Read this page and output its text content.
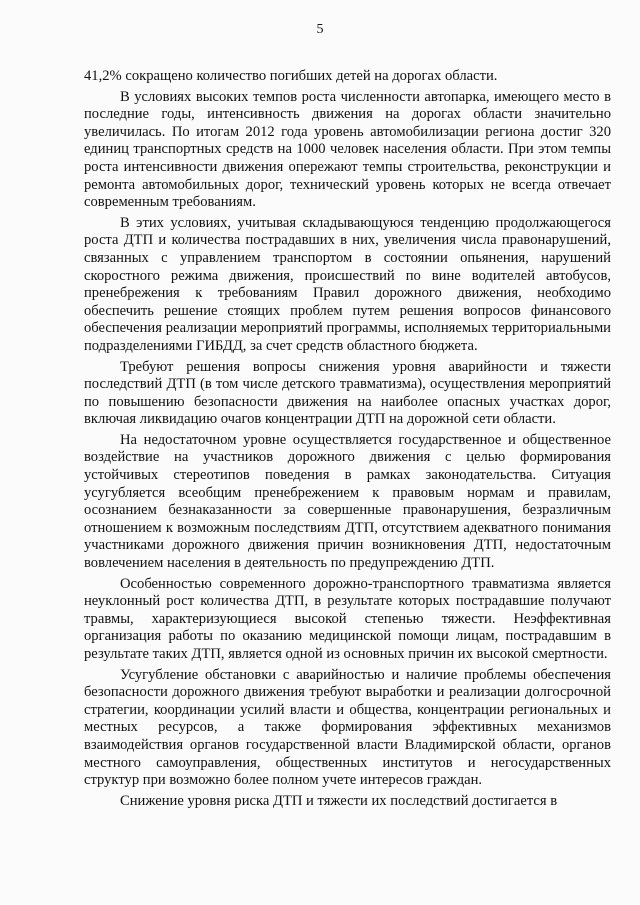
5

41,2% сокращено количество погибших детей на дорогах области.

В условиях высоких темпов роста численности автопарка, имеющего место в последние годы, интенсивность движения на дорогах области значительно увеличилась. По итогам 2012 года уровень автомобилизации региона достиг 320 единиц транспортных средств на 1000 человек населения области. При этом темпы роста интенсивности движения опережают темпы строительства, реконструкции и ремонта автомобильных дорог, технический уровень которых не всегда отвечает современным требованиям.

В этих условиях, учитывая складывающуюся тенденцию продолжающегося роста ДТП и количества пострадавших в них, увеличения числа правонарушений, связанных с управлением транспортом в состоянии опьянения, нарушений скоростного режима движения, происшествий по вине водителей автобусов, пренебрежения к требованиям Правил дорожного движения, необходимо обеспечить решение стоящих проблем путем решения вопросов финансового обеспечения реализации мероприятий программы, исполняемых территориальными подразделениями ГИБДД, за счет средств областного бюджета.

Требуют решения вопросы снижения уровня аварийности и тяжести последствий ДТП (в том числе детского травматизма), осуществления мероприятий по повышению безопасности движения на наиболее опасных участках дорог, включая ликвидацию очагов концентрации ДТП на дорожной сети области.

На недостаточном уровне осуществляется государственное и общественное воздействие на участников дорожного движения с целью формирования устойчивых стереотипов поведения в рамках законодательства. Ситуация усугубляется всеобщим пренебрежением к правовым нормам и правилам, осознанием безнаказанности за совершенные правонарушения, безразличным отношением к возможным последствиям ДТП, отсутствием адекватного понимания участниками дорожного движения причин возникновения ДТП, недостаточным вовлечением населения в деятельность по предупреждению ДТП.

Особенностью современного дорожно-транспортного травматизма является неуклонный рост количества ДТП, в результате которых пострадавшие получают травмы, характеризующиеся высокой степенью тяжести. Неэффективная организация работы по оказанию медицинской помощи лицам, пострадавшим в результате таких ДТП, является одной из основных причин их высокой смертности.

Усугубление обстановки с аварийностью и наличие проблемы обеспечения безопасности дорожного движения требуют выработки и реализации долгосрочной стратегии, координации усилий власти и общества, концентрации региональных и местных ресурсов, а также формирования эффективных механизмов взаимодействия органов государственной власти Владимирской области, органов местного самоуправления, общественных институтов и негосударственных структур при возможно более полном учете интересов граждан.

Снижение уровня риска ДТП и тяжести их последствий достигается в
